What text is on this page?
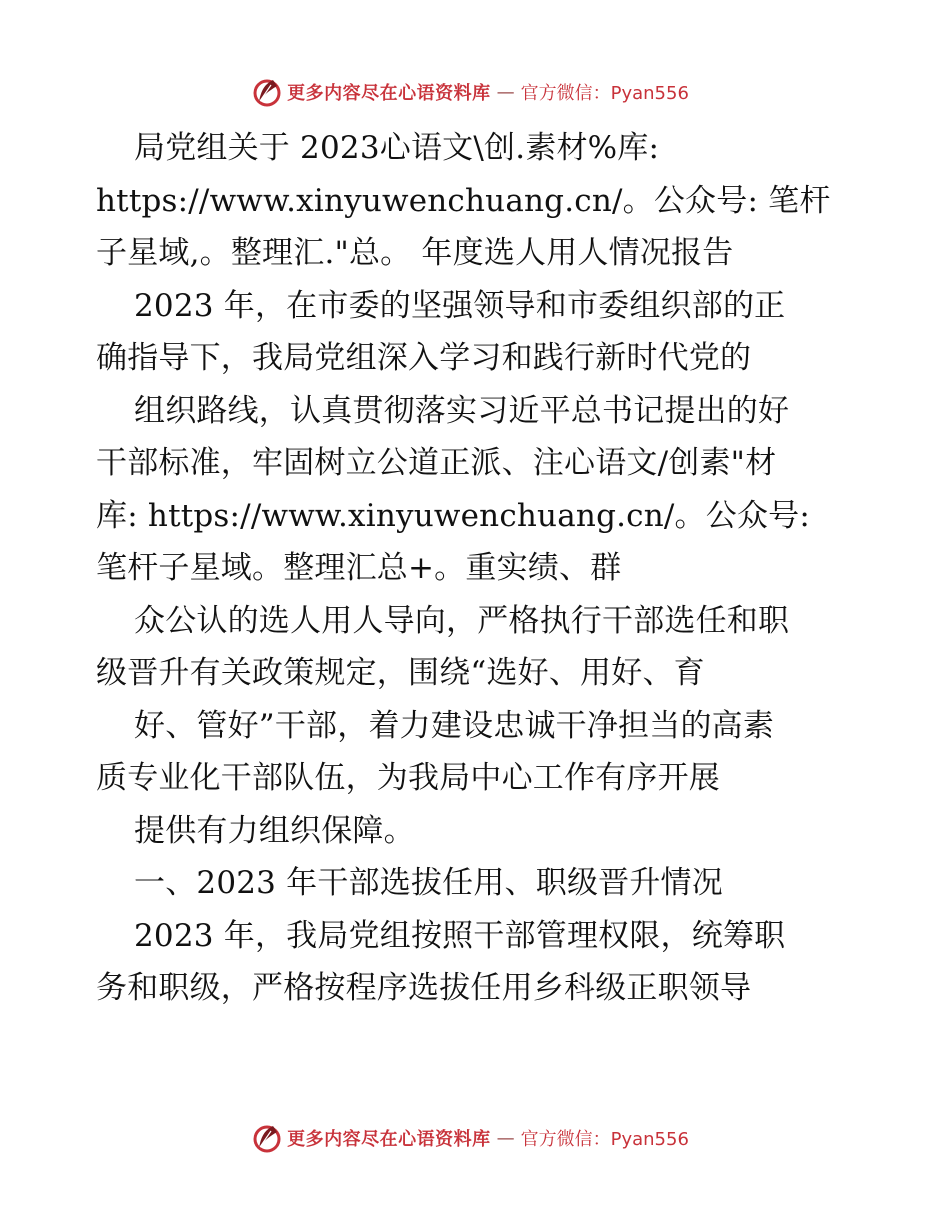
更多内容尽在心语资料库 — 官方微信：Pyan556
局党组关于 2023心语文\创.素材%库:
https://www.xinyuwenchuang.cn/。公众号: 笔杆
子星域,。整理汇."总。 年度选人用人情况报告
2023 年，在市委的坚强领导和市委组织部的正
确指导下，我局党组深入学习和践行新时代党的
组织路线，认真贯彻落实习近平总书记提出的好
干部标准，牢固树立公道正派、注心语文/创素"材
库: https://www.xinyuwenchuang.cn/。公众号:
笔杆子星域。整理汇总+。重实绩、群
众公认的选人用人导向，严格执行干部选任和职
级晋升有关政策规定，围绕“选好、用好、育
好、管好”干部，着力建设忠诚干净担当的高素
质专业化干部队伍，为我局中心工作有序开展
提供有力组织保障。
一、2023 年干部选拔任用、职级晋升情况
2023 年，我局党组按照干部管理权限，统筹职
务和职级，严格按程序选拔任用乡科级正职领导
更多内容尽在心语资料库 — 官方微信：Pyan556
